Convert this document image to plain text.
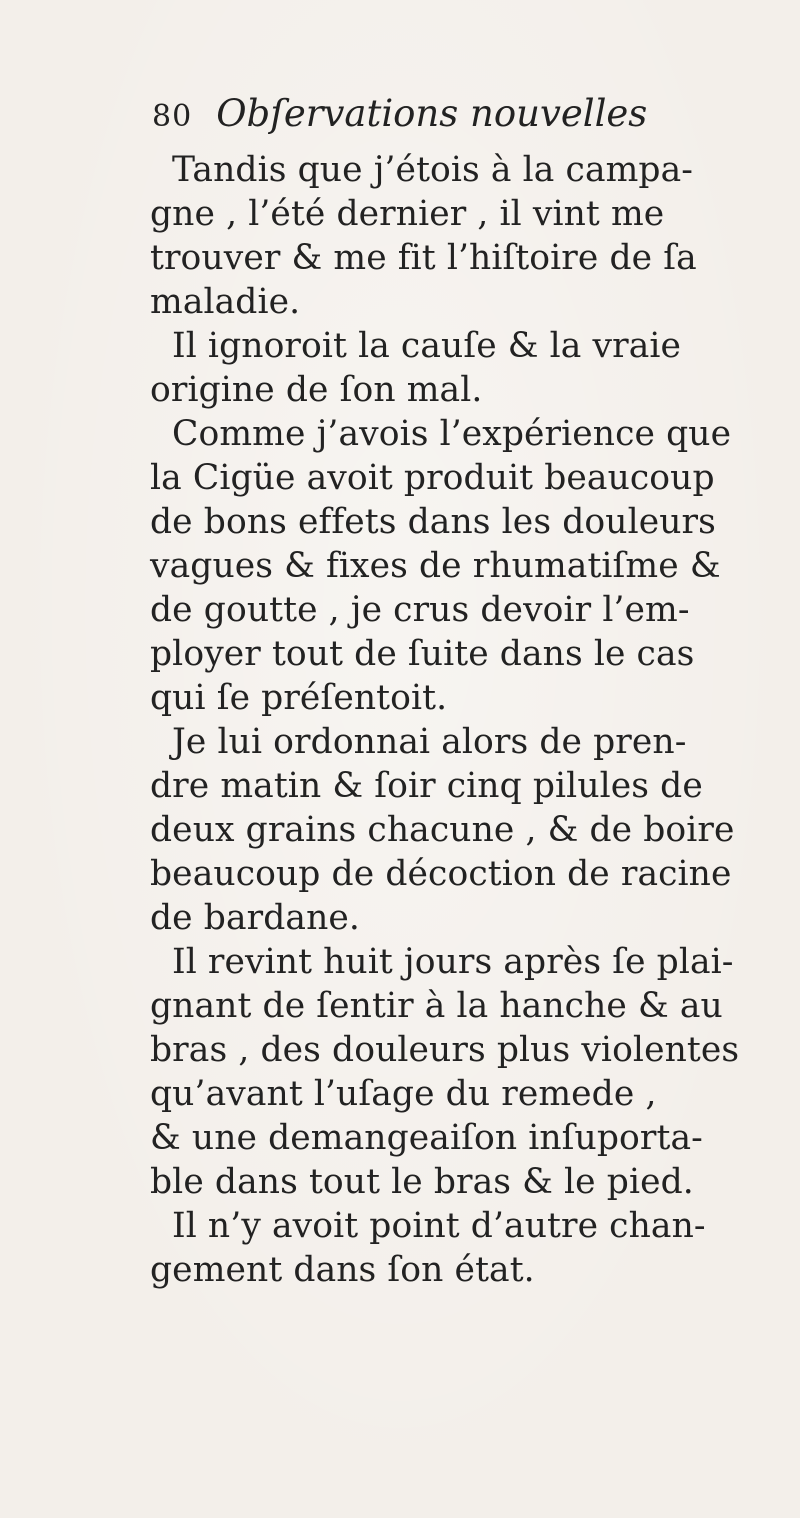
80 Obſervations nouvelles
Tandis que j’étois à la campa-
gne , l’été dernier , il vint me
trouver & me fit l’hiſtoire de ſa
maladie.
Il ignoroit la cauſe & la vraie
origine de ſon mal.
Comme j’avois l’expérience que
la Cigüe avoit produit beaucoup
de bons effets dans les douleurs
vagues & fixes de rhumatiſme &
de goutte , je crus devoir l’em-
ployer tout de ſuite dans le cas
qui ſe préſentoit.
Je lui ordonnai alors de pren-
dre matin & ſoir cinq pilules de
deux grains chacune , & de boire
beaucoup de décoction de racine
de bardane.
Il revint huit jours après ſe plai-
gnant de ſentir à la hanche & au
bras , des douleurs plus violentes
qu’avant l’uſage du remede ,
& une demangeaiſon inſuporta-
ble dans tout le bras & le pied.
Il n’y avoit point d’autre chan-
gement dans ſon état.
